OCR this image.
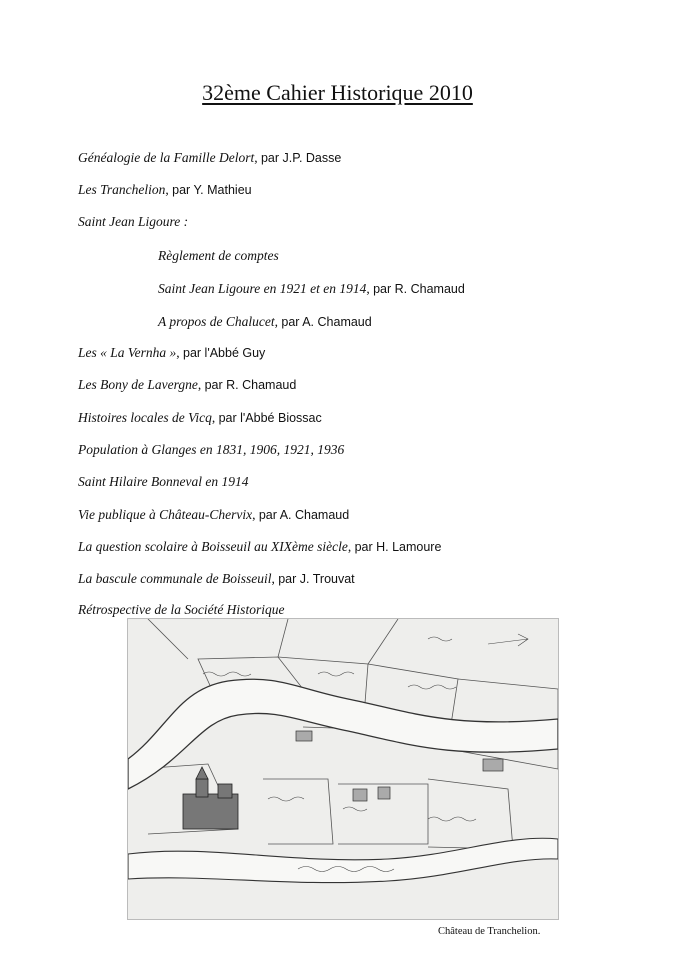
32ème Cahier Historique 2010
Généalogie de la Famille Delort, par J.P. Dasse
Les Tranchelion, par Y. Mathieu
Saint Jean Ligoure :
Règlement de comptes
Saint Jean Ligoure en 1921 et en 1914, par R. Chamaud
A propos de Chalucet, par A. Chamaud
Les « La Vernha », par l'Abbé Guy
Les Bony de Lavergne, par R. Chamaud
Histoires locales de Vicq, par l'Abbé Biossac
Population à Glanges en 1831, 1906, 1921, 1936
Saint Hilaire Bonneval en 1914
Vie publique à Château-Chervix, par A. Chamaud
La question scolaire à Boisseuil au XIXème siècle, par H. Lamoure
La bascule communale de Boisseuil, par J. Trouvat
Rétrospective de la Société Historique
Château de Tranchelion.
